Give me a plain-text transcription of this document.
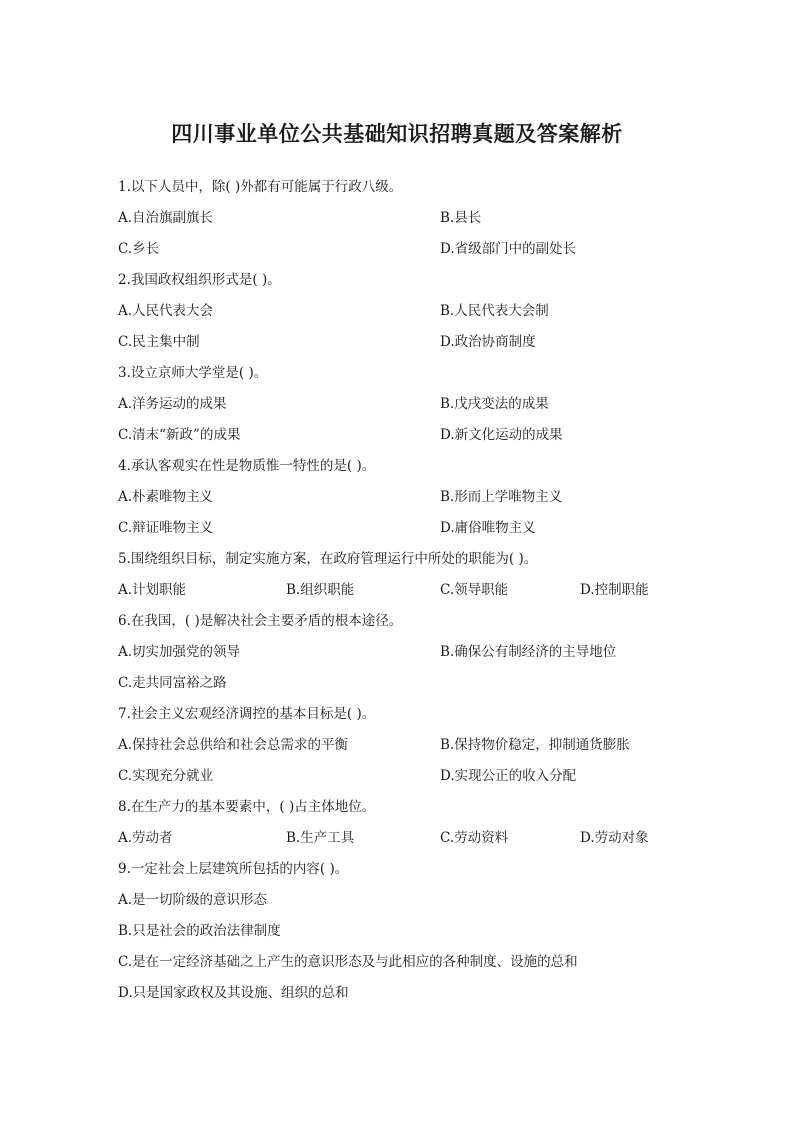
四川事业单位公共基础知识招聘真题及答案解析
1.以下人员中，除( )外都有可能属于行政八级。
A.自治旗副旗长	B.县长
C.乡长	D.省级部门中的副处长
2.我国政权组织形式是( )。
A.人民代表大会	B.人民代表大会制
C.民主集中制	D.政治协商制度
3.设立京师大学堂是( )。
A.洋务运动的成果	B.戊戌变法的成果
C.清末“新政”的成果	D.新文化运动的成果
4.承认客观实在性是物质惟一特性的是( )。
A.朴素唯物主义	B.形而上学唯物主义
C.辩证唯物主义	D.庸俗唯物主义
5.围绕组织目标，制定实施方案，在政府管理运行中所处的职能为( )。
A.计划职能	B.组织职能	C.领导职能	D.控制职能
6.在我国，( )是解决社会主要矛盾的根本途径。
A.切实加强党的领导	B.确保公有制经济的主导地位
C.走共同富裕之路
7.社会主义宏观经济调控的基本目标是( )。
A.保持社会总供给和社会总需求的平衡	B.保持物价稳定，抑制通货膨胀
C.实现充分就业	D.实现公正的收入分配
8.在生产力的基本要素中，( )占主体地位。
A.劳动者	B.生产工具	C.劳动资料	D.劳动对象
9.一定社会上层建筑所包括的内容( )。
A.是一切阶级的意识形态
B.只是社会的政治法律制度
C.是在一定经济基础之上产生的意识形态及与此相应的各种制度、设施的总和
D.只是国家政权及其设施、组织的总和
